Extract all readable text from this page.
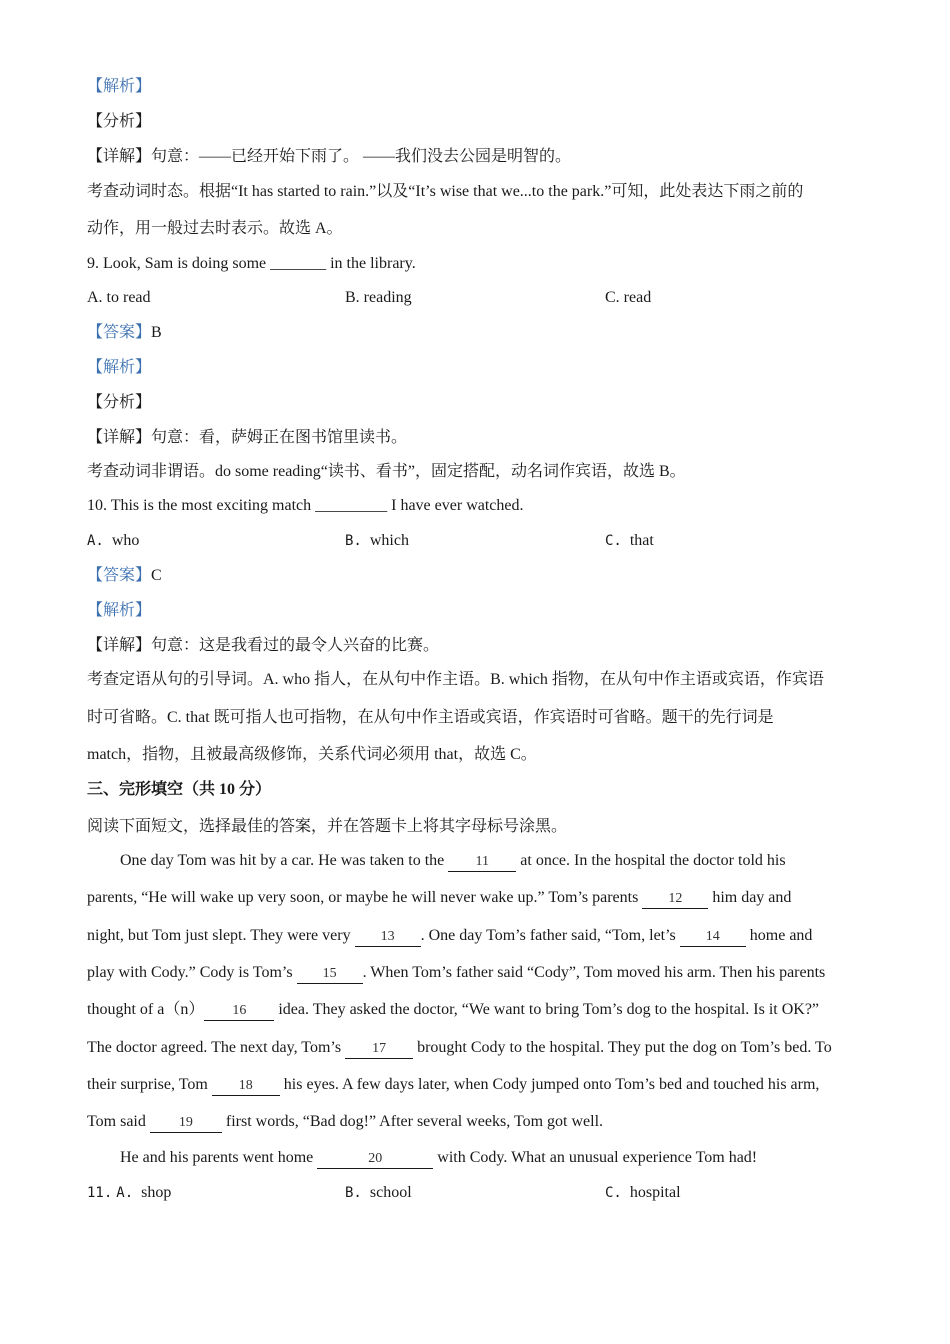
【解析】
【分析】
【详解】句意：——已经开始下雨了。 ——我们没去公园是明智的。
考查动词时态。根据“It has started to rain.”以及“It’s wise that we...to the park.”可知，此处表达下雨之前的
动作，用一般过去时表示。故选 A。
9. Look, Sam is doing some _______ in the library.
A. to read	B. reading	C. read
【答案】B
【解析】
【分析】
【详解】句意：看，萨姆正在图书馆里读书。
考查动词非谓语。do some reading“读书、看书”，固定搭配，动名词作宾语，故选 B。
10. This is the most exciting match _________ I have ever watched.
A. who	B. which	C. that
【答案】C
【解析】
【详解】句意：这是我看过的最令人兴奋的比赛。
考查定语从句的引导词。A. who 指人，在从句中作主语。B. which 指物，在从句中作主语或宾语，作宾语
时可省略。C. that 既可指人也可指物，在从句中作主语或宾语，作宾语时可省略。题干的先行词是
match，指物，且被最高级修饰，关系代词必须用 that，故选 C。
三、完形填空（共 10 分）
阅读下面短文，选择最佳的答案，并在答题卡上将其字母标号涂黑。
One day Tom was hit by a car. He was taken to the 11 at once. In the hospital the doctor told his
parents, “He will wake up very soon, or maybe he will never wake up.” Tom’s parents 12 him day and
night, but Tom just slept. They were very 13 . One day Tom’s father said, “Tom, let’s 14 home and
play with Cody.” Cody is Tom’s 15 . When Tom’s father said “Cody”, Tom moved his arm. Then his parents
thought of a（n） 16 idea. They asked the doctor, “We want to bring Tom’s dog to the hospital. Is it OK?”
The doctor agreed. The next day, Tom’s 17 brought Cody to the hospital. They put the dog on Tom’s bed. To
their surprise, Tom 18 his eyes. A few days later, when Cody jumped onto Tom’s bed and touched his arm,
Tom said 19 first words, “Bad dog!” After several weeks, Tom got well.
He and his parents went home	20	with Cody. What an unusual experience Tom had!
11. A. shop	B. school	C. hospital
